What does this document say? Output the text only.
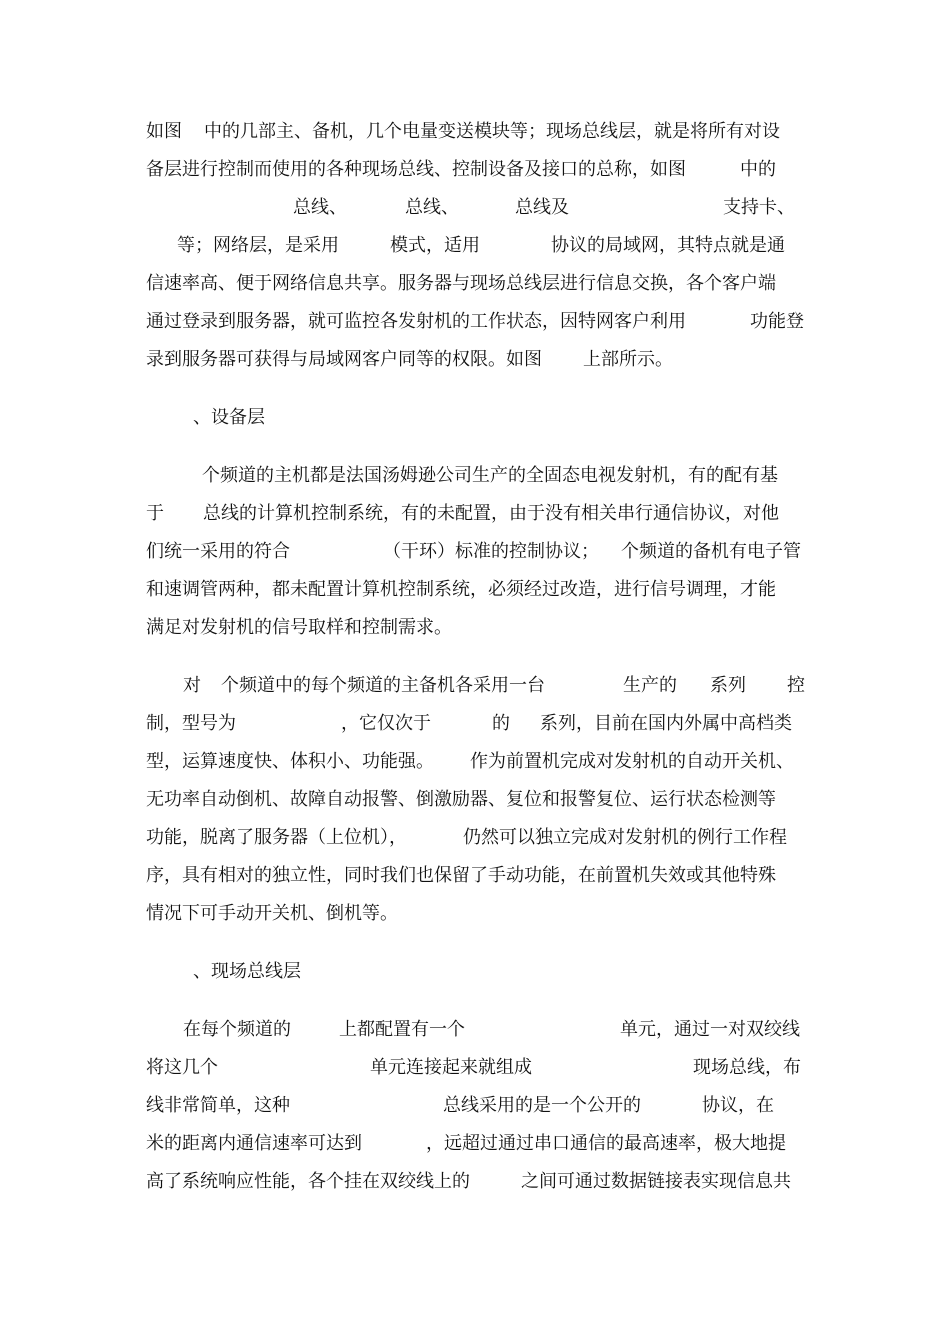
如图 中的几部主、备机，几个电量变送模块等；现场总线层，就是将所有对设
备层进行控制而使用的各种现场总线、控制设备及接口的总称，如图	中的
总线、	总线、	总线及	支持卡、
等；网络层，是采用	模式，适用	协议的局域网，其特点就是通
信速率高、便于网络信息共享。服务器与现场总线层进行信息交换，各个客户端
通过登录到服务器，就可监控各发射机的工作状态，因特网客户利用	功能登
录到服务器可获得与局域网客户同等的权限。如图 上部所示。
、设备层
个频道的主机都是法国汤姆逊公司生产的全固态电视发射机，有的配有基
于 总线的计算机控制系统，有的未配置，由于没有相关串行通信协议，对他
们统一采用的符合	（干环）标准的控制协议； 个频道的备机有电子管
和速调管两种，都未配置计算机控制系统，必须经过改造，进行信号调理，才能
满足对发射机的信号取样和控制需求。
对 个频道中的每个频道的主备机各采用一台	生产的 系列 控
制，型号为	，它仅次于	的 系列，目前在国内外属中高档类
型，运算速度快、体积小、功能强。 作为前置机完成对发射机的自动开关机、
无功率自动倒机、故障自动报警、倒激励器、复位和报警复位、运行状态检测等
功能，脱离了服务器（上位机），	仍然可以独立完成对发射机的例行工作程
序，具有相对的独立性，同时我们也保留了手动功能，在前置机失效或其他特殊
情况下可手动开关机、倒机等。
、现场总线层
在每个频道的	上都配置有一个	单元，通过一对双绞线
将这几个	单元连接起来就组成	现场总线，布
线非常简单，这种	总线采用的是一个公开的	协议，在
米的距离内通信速率可达到	，远超过通过串口通信的最高速率，极大地提
高了系统响应性能，各个挂在双绞线上的	之间可通过数据链接表实现信息共
